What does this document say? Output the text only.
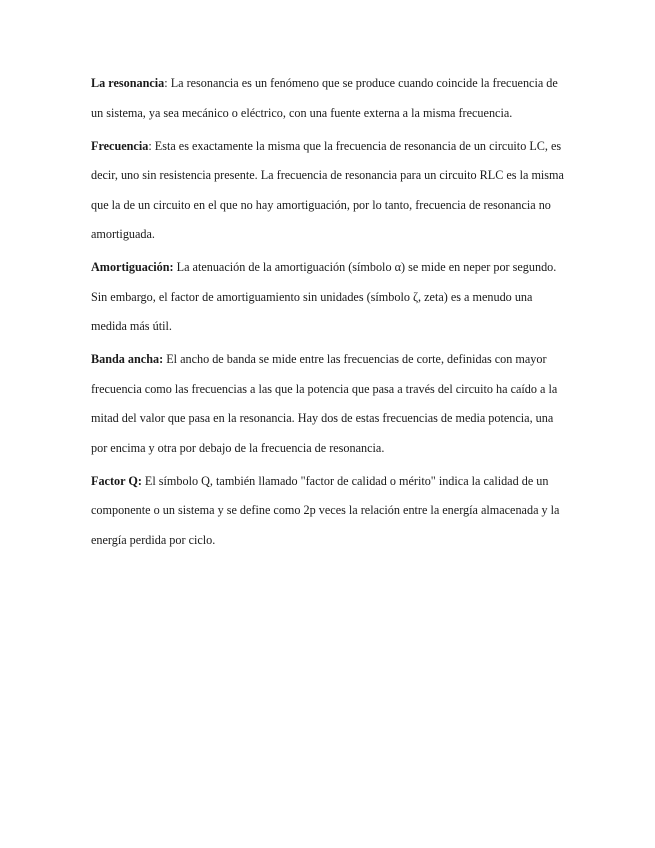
La resonancia: La resonancia es un fenómeno que se produce cuando coincide la frecuencia de un sistema, ya sea mecánico o eléctrico, con una fuente externa a la misma frecuencia.

Frecuencia: Esta es exactamente la misma que la frecuencia de resonancia de un circuito LC, es decir, uno sin resistencia presente. La frecuencia de resonancia para un circuito RLC es la misma que la de un circuito en el que no hay amortiguación, por lo tanto, frecuencia de resonancia no amortiguada.

Amortiguación: La atenuación de la amortiguación (símbolo α) se mide en neper por segundo. Sin embargo, el factor de amortiguamiento sin unidades (símbolo ζ, zeta) es a menudo una medida más útil.

Banda ancha: El ancho de banda se mide entre las frecuencias de corte, definidas con mayor frecuencia como las frecuencias a las que la potencia que pasa a través del circuito ha caído a la mitad del valor que pasa en la resonancia. Hay dos de estas frecuencias de media potencia, una por encima y otra por debajo de la frecuencia de resonancia.

Factor Q: El símbolo Q, también llamado "factor de calidad o mérito" indica la calidad de un componente o un sistema y se define como 2p veces la relación entre la energía almacenada y la energía perdida por ciclo.
